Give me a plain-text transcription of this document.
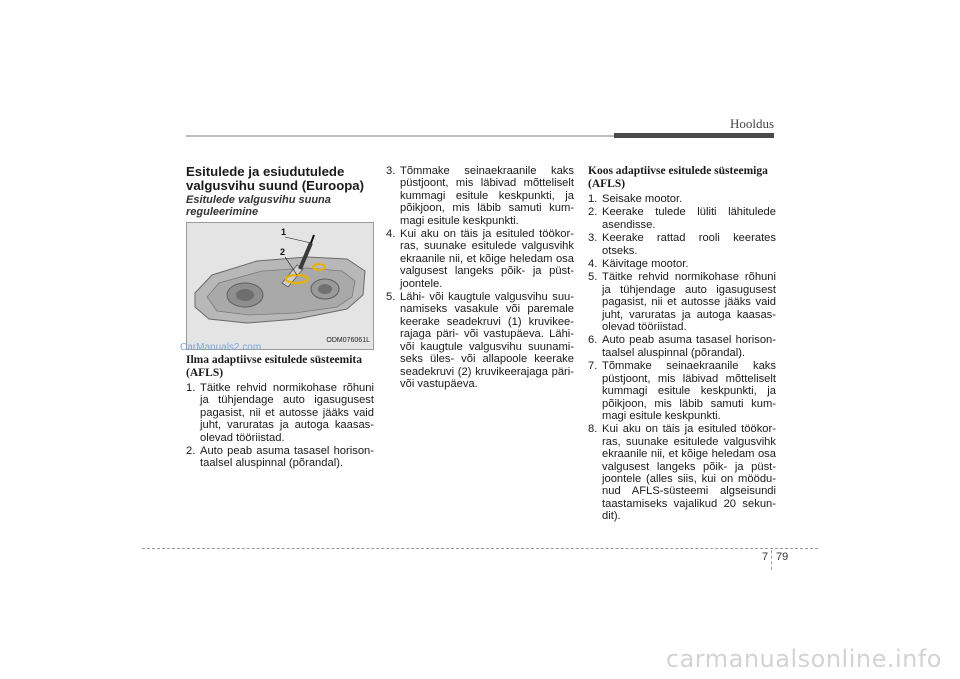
Hooldus
Esitulede ja esiudutulede valgusvihu suund (Euroopa)
Esitulede valgusvihu suuna reguleerimine
1
2
ODM076061L
Ilma adaptiivse esitulede süsteemita (AFLS)
1. Täitke rehvid normikohase rõhuni ja tühjendage auto igasugusest pagasist, nii et autosse jääks vaid juht, varuratas ja autoga kaasas-olevad tööriistad.
2. Auto peab asuma tasasel horison-taalsel aluspinnal (põrandal).
CarManuals2.com
3. Tõmmake seinaekraanile kaks püstjoont, mis läbivad mõtteliselt kummagi esitule keskpunkti, ja põikjoon, mis läbib samuti kum-magi esitule keskpunkti.
4. Kui aku on täis ja esituled töökor-ras, suunake esitulede valgusvihk ekraanile nii, et kõige heledam osa valgusest langeks põik- ja püst-joontele.
5. Lähi- või kaugtule valgusvihu suu-namiseks vasakule või paremale keerake seadekruvi (1) kruvikee-rajaga päri- või vastupäeva. Lähi- või kaugtule valgusvihu suunami-seks üles- või allapoole keerake seadekruvi (2) kruvikeerajaga päri- või vastupäeva.
Koos adaptiivse esitulede süsteemiga (AFLS)
1. Seisake mootor.
2. Keerake tulede lüliti lähitulede asendisse.
3. Keerake rattad rooli keerates otseks.
4. Käivitage mootor.
5. Täitke rehvid normikohase rõhuni ja tühjendage auto igasugusest pagasist, nii et autosse jääks vaid juht, varuratas ja autoga kaasas-olevad tööriistad.
6. Auto peab asuma tasasel horison-taalsel aluspinnal (põrandal).
7. Tõmmake seinaekraanile kaks püstjoont, mis läbivad mõtteliselt kummagi esitule keskpunkti, ja põikjoon, mis läbib samuti kum-magi esitule keskpunkti.
8. Kui aku on täis ja esituled töökor-ras, suunake esitulede valgusvihk ekraanile nii, et kõige heledam osa valgusest langeks põik- ja püst-joontele (alles siis, kui on möödu-nud AFLS-süsteemi algseisundi taastamiseks vajalikud 20 sekun-dit).
7 79
carmanualsonline.info
